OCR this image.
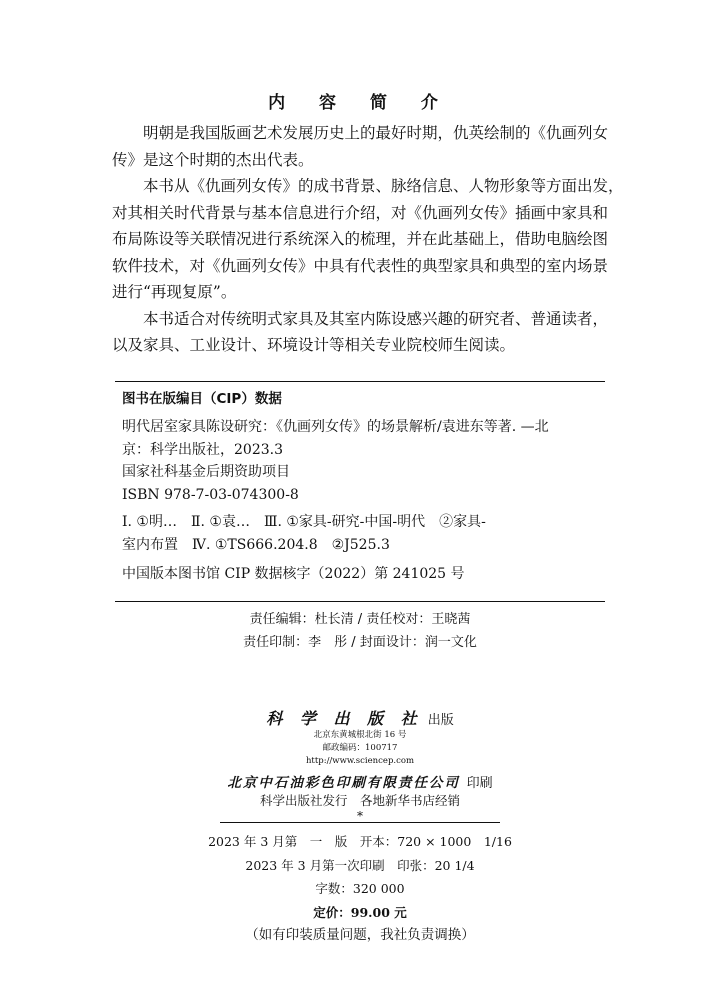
内 容 简 介

明朝是我国版画艺术发展历史上的最好时期，仇英绘制的《仇画列女
传》是这个时期的杰出代表。

本书从《仇画列女传》的成书背景、脉络信息、人物形象等方面出发，
对其相关时代背景与基本信息进行介绍，对《仇画列女传》插画中家具和
布局陈设等关联情况进行系统深入的梳理，并在此基础上，借助电脑绘图
软件技术，对《仇画列女传》中具有代表性的典型家具和典型的室内场景
进行“再现复原”。

本书适合对传统明式家具及其室内陈设感兴趣的研究者、普通读者，
以及家具、工业设计、环境设计等相关专业院校师生阅读。

图书在版编目（CIP）数据
明代居室家具陈设研究：《仇画列女传》的场景解析/袁进东等著. —北
京：科学出版社，2023.3
国家社科基金后期资助项目
ISBN 978-7-03-074300-8
Ⅰ. ①明…　Ⅱ. ①袁…　Ⅲ. ①家具-研究-中国-明代　②家具-
室内布置　Ⅳ. ①TS666.204.8　②J525.3
中国版本图书馆 CIP 数据核字（2022）第 241025 号
责任编辑：杜长清 / 责任校对：王晓茜
责任印制：李　彤 / 封面设计：润一文化
科 学 出 版 社 出版
北京东黄城根北街 16 号
邮政编码：100717
http://www.sciencep.com
北京中石油彩色印刷有限责任公司 印刷
科学出版社发行　各地新华书店经销
*
2023 年 3 月第　一　版　开本：720 × 1000　1/16
2023 年 3 月第一次印刷　印张：20 1/4
字数：320 000
定价：99.00 元
（如有印装质量问题，我社负责调换）
